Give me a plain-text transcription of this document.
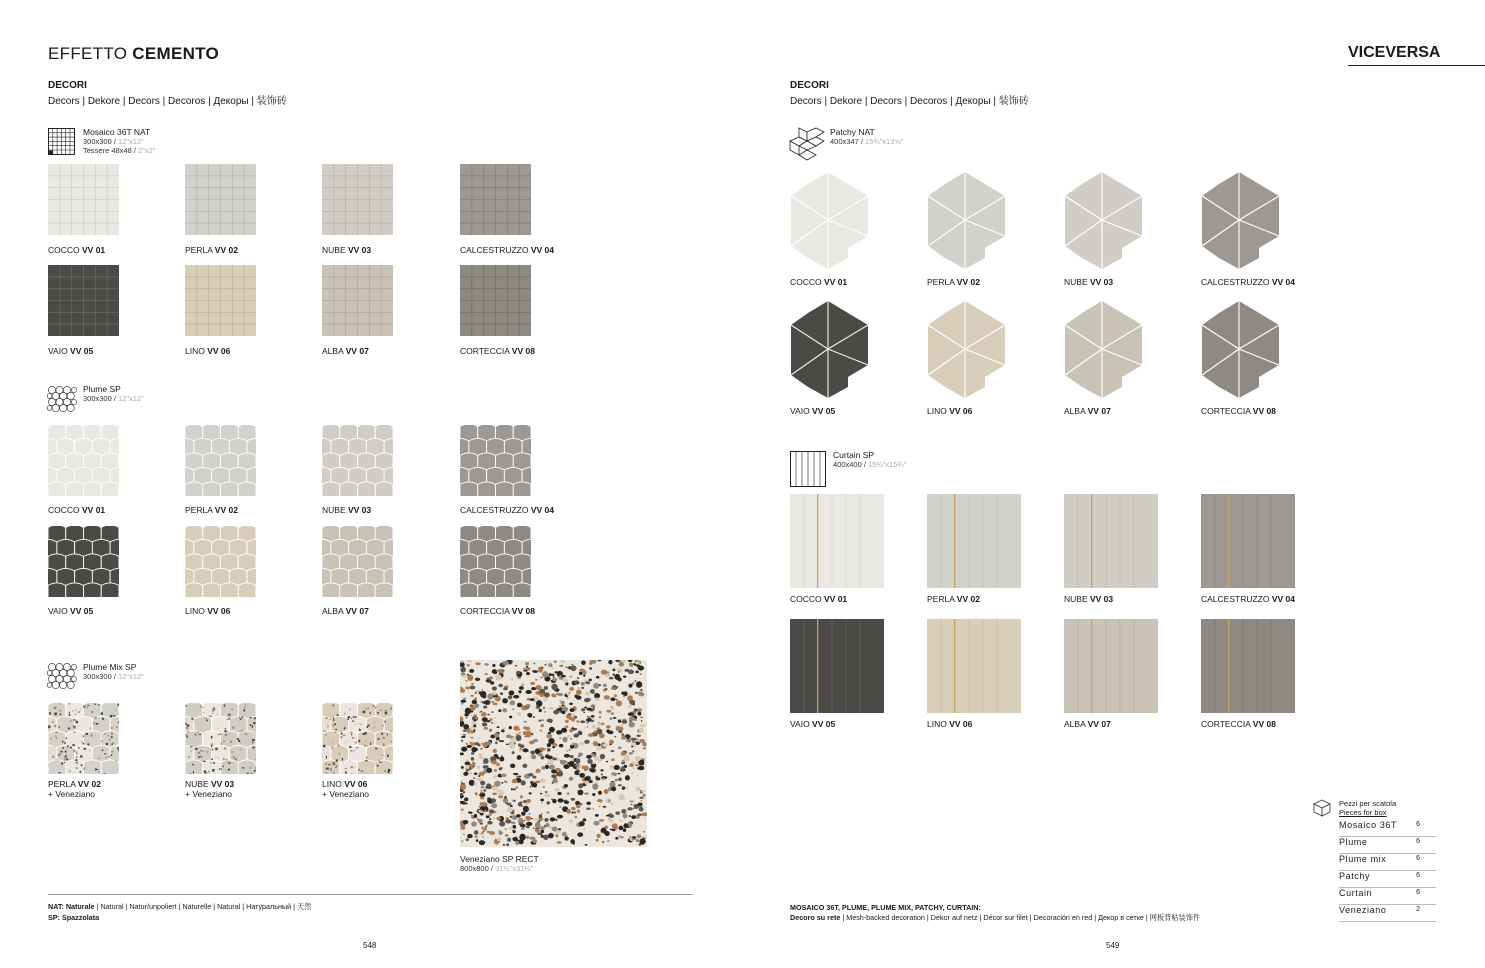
EFFETTO CEMENTO	VICEVERSA
DECORI
Decors | Dekore | Decors | Decoros | Декоры | 装饰砖
Mosaico 36T NAT
300x300 / 12"x12"
Tessere 48x48 / 2"x2"
Plume SP
300x300 / 12"x12"
Plume Mix SP
300x300 / 12"x12"
Veneziano SP RECT
800x800 / 31½"x31½"
DECORI
Decors | Dekore | Decors | Decoros | Декоры | 装饰砖
Patchy NAT
400x347 / 15¾"x13⅝"
Curtain SP
400x400 / 15¾"x15¾"
COCCO VV 01	PERLA VV 02	NUBE VV 03	CALCESTRUZZO VV 04
VAIO VV 05	LINO VV 06	ALBA VV 07	CORTECCIA VV 08
COCCO VV 01	PERLA VV 02	NUBE VV 03	CALCESTRUZZO VV 04
VAIO VV 05	LINO VV 06	ALBA VV 07	CORTECCIA VV 08
PERLA VV 02
+ Veneziano
NUBE VV 03
+ Veneziano
LINO VV 06
+ Veneziano
COCCO VV 01	PERLA VV 02	NUBE VV 03	CALCESTRUZZO VV 04
VAIO VV 05	LINO VV 06	ALBA VV 07	CORTECCIA VV 08
COCCO VV 01	PERLA VV 02	NUBE VV 03	CALCESTRUZZO VV 04
VAIO VV 05	LINO VV 06	ALBA VV 07	CORTECCIA VV 08
NAT: Naturale | Natural | Natur/unpoliert | Naturelle | Natural | Натуральный | 天然
SP: Spazzolata
MOSAICO 36T, PLUME, PLUME MIX, PATCHY, CURTAIN:
Decoro su rete | Mesh-backed decoration | Dekor auf netz | Décor sur filet | Decoración en red | Декор в сетке | 网板背粘装饰件
548	549
Pezzi per scatola
Pieces for box
Mosaico 36T	6
Plume	6
Plume mix	6
Patchy	6
Curtain	6
Veneziano	2
